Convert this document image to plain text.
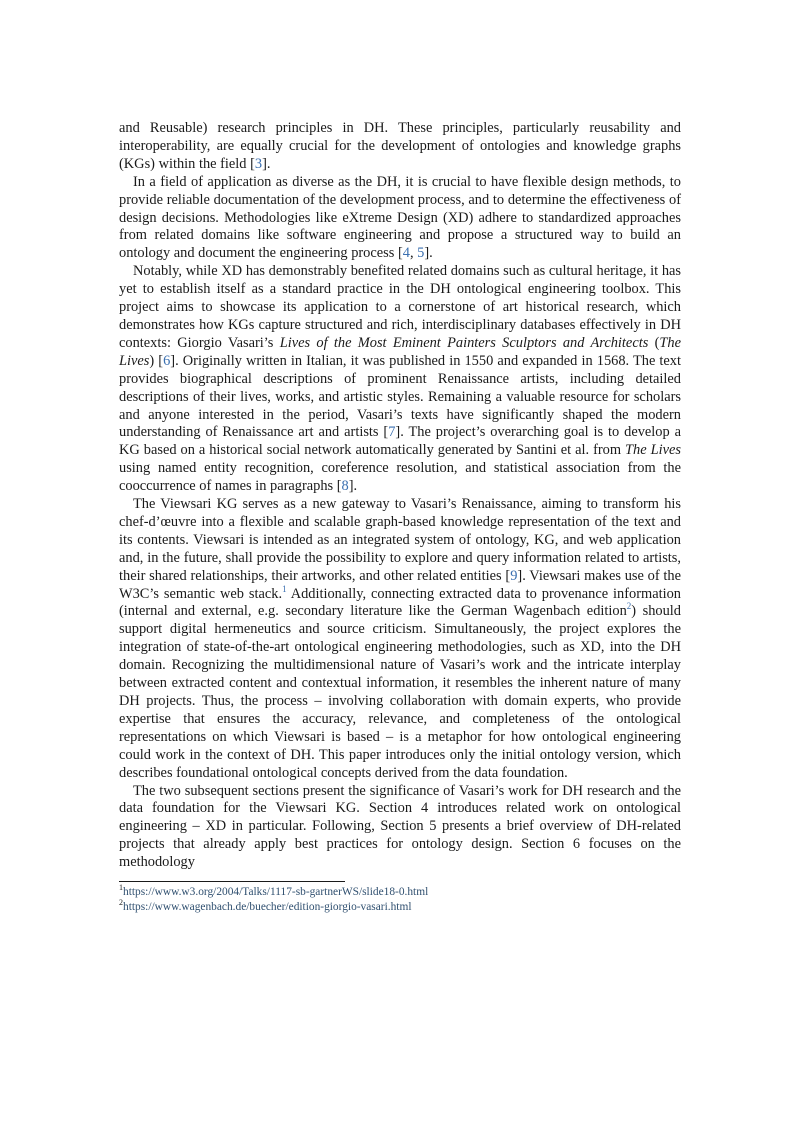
and Reusable) research principles in DH. These principles, particularly reusability and interoperability, are equally crucial for the development of ontologies and knowledge graphs (KGs) within the field [3].

In a field of application as diverse as the DH, it is crucial to have flexible design methods, to provide reliable documentation of the development process, and to determine the effectiveness of design decisions. Methodologies like eXtreme Design (XD) adhere to standardized approaches from related domains like software engineering and propose a structured way to build an ontology and document the engineering process [4, 5].

Notably, while XD has demonstrably benefited related domains such as cultural heritage, it has yet to establish itself as a standard practice in the DH ontological engineering toolbox. This project aims to showcase its application to a cornerstone of art historical research, which demonstrates how KGs capture structured and rich, interdisciplinary databases effectively in DH contexts: Giorgio Vasari’s Lives of the Most Eminent Painters Sculptors and Architects (The Lives) [6]. Originally written in Italian, it was published in 1550 and expanded in 1568. The text provides biographical descriptions of prominent Renaissance artists, including detailed descriptions of their lives, works, and artistic styles. Remaining a valuable resource for scholars and anyone interested in the period, Vasari’s texts have significantly shaped the modern understanding of Renaissance art and artists [7]. The project’s overarching goal is to develop a KG based on a historical social network automatically generated by Santini et al. from The Lives using named entity recognition, coreference resolution, and statistical association from the cooccurrence of names in paragraphs [8].

The Viewsari KG serves as a new gateway to Vasari’s Renaissance, aiming to transform his chef-d’œuvre into a flexible and scalable graph-based knowledge representation of the text and its contents. Viewsari is intended as an integrated system of ontology, KG, and web application and, in the future, shall provide the possibility to explore and query information related to artists, their shared relationships, their artworks, and other related entities [9]. Viewsari makes use of the W3C’s semantic web stack.$^1$ Additionally, connecting extracted data to provenance information (internal and external, e.g. secondary literature like the German Wagenbach edition$^2$) should support digital hermeneutics and source criticism. Simultaneously, the project explores the integration of state-of-the-art ontological engineering methodologies, such as XD, into the DH domain. Recognizing the multidimensional nature of Vasari’s work and the intricate interplay between extracted content and contextual information, it resembles the inherent nature of many DH projects. Thus, the process – involving collaboration with domain experts, who provide expertise that ensures the accuracy, relevance, and completeness of the ontological representations on which Viewsari is based – is a metaphor for how ontological engineering could work in the context of DH. This paper introduces only the initial ontology version, which describes foundational ontological concepts derived from the data foundation.

The two subsequent sections present the significance of Vasari’s work for DH research and the data foundation for the Viewsari KG. Section 4 introduces related work on ontological engineering – XD in particular. Following, Section 5 presents a brief overview of DH-related projects that already apply best practices for ontology design. Section 6 focuses on the methodology

$^1$https://www.w3.org/2004/Talks/1117-sb-gartnerWS/slide18-0.html
$^2$https://www.wagenbach.de/buecher/edition-giorgio-vasari.html
